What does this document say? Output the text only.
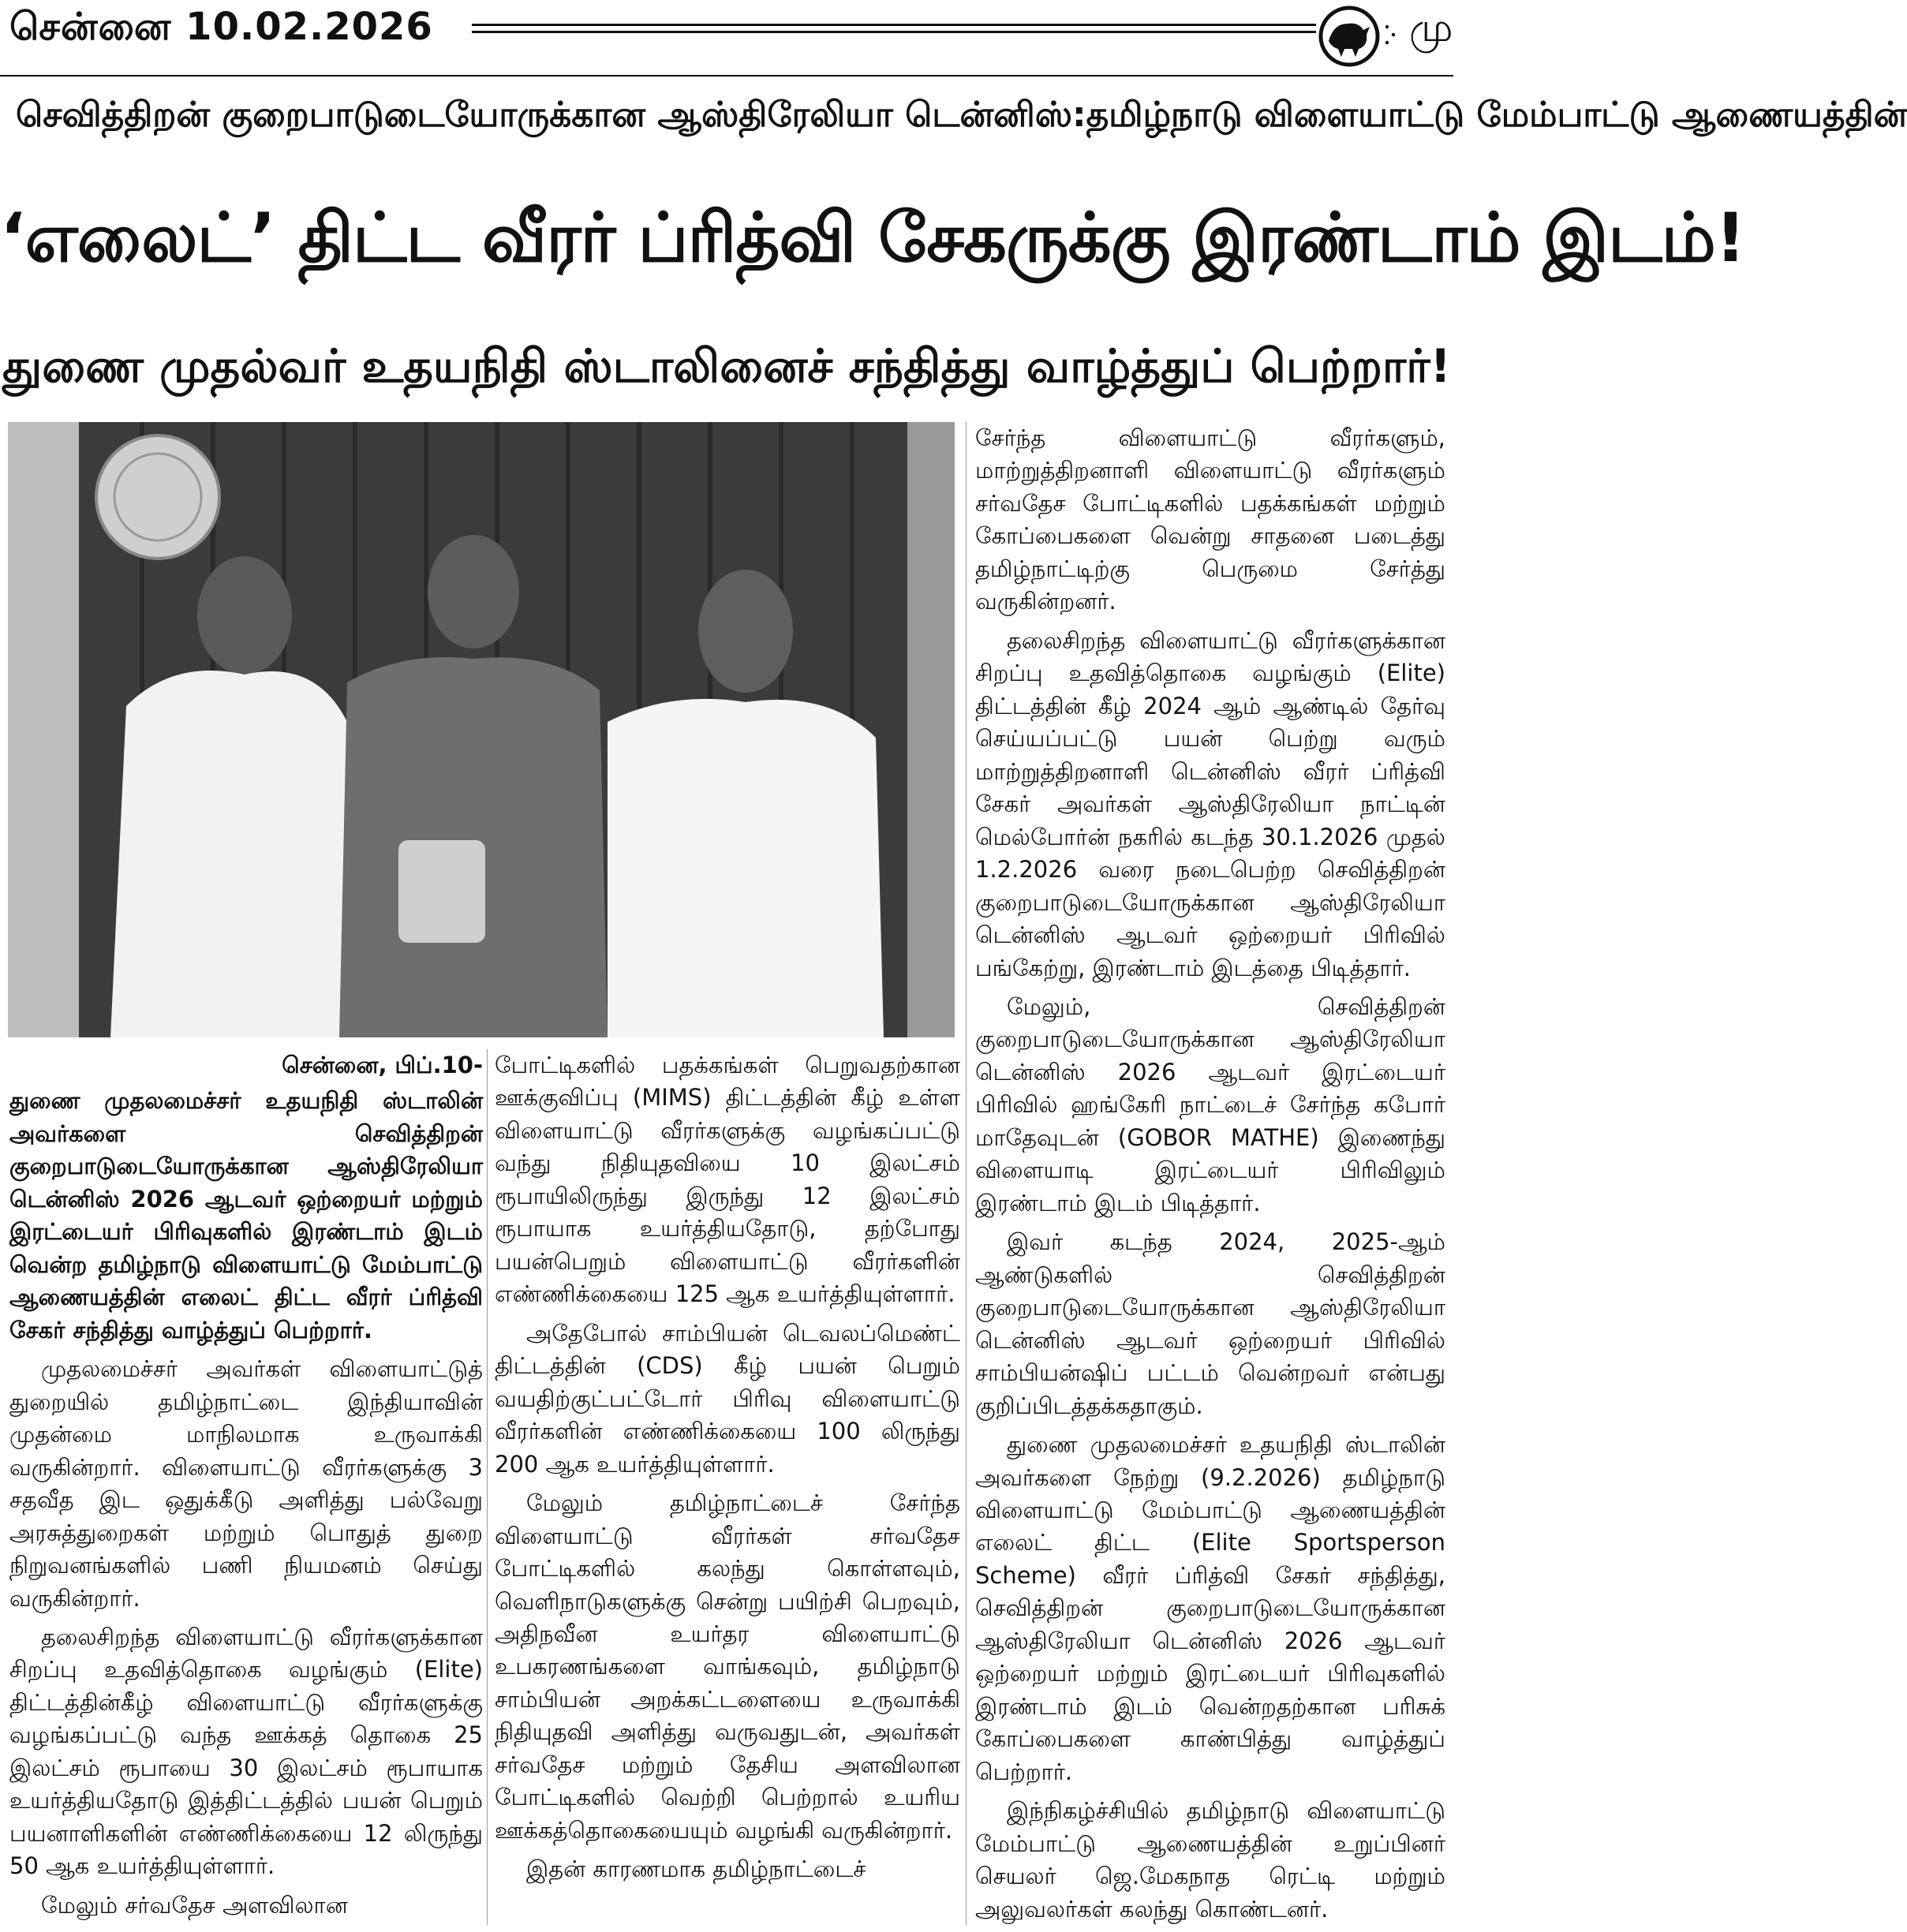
சென்னை 10.02.2026	மு
செவித்திறன் குறைபாடுடையோருக்கான ஆஸ்திரேலியா டென்னிஸ்: தமிழ்நாடு விளையாட்டு மேம்பாட்டு ஆணையத்தின்
‘எலைட்’ திட்ட வீரர் ப்ரித்வி சேகருக்கு இரண்டாம் இடம்!
துணை முதல்வர் உதயநிதி ஸ்டாலினைச் சந்தித்து வாழ்த்துப் பெற்றார்!
சென்னை, பிப்.10-

துணை முதலமைச்சர் உதயநிதி ஸ்டாலின் அவர்களை செவித்திறன் குறைபாடுடையோருக்கான ஆஸ்திரேலியா டென்னிஸ் 2026 ஆடவர் ஒற்றையர் மற்றும் இரட்டையர் பிரிவுகளில் இரண்டாம் இடம் வென்ற தமிழ்நாடு விளையாட்டு மேம்பாட்டு ஆணையத்தின் எலைட் திட்ட வீரர் ப்ரித்வி சேகர் சந்தித்து வாழ்த்துப் பெற்றார்.

முதலமைச்சர் அவர்கள் விளையாட்டுத் துறையில் தமிழ்நாட்டை இந்தியாவின் முதன்மை மாநிலமாக உருவாக்கி வருகின்றார். விளையாட்டு வீரர்களுக்கு 3 சதவீத இட ஒதுக்கீடு அளித்து பல்வேறு அரசுத்துறைகள் மற்றும் பொதுத் துறை நிறுவனங்களில் பணி நியமனம் செய்து வருகின்றார்.

தலைசிறந்த விளையாட்டு வீரர்களுக்கான சிறப்பு உதவித்தொகை வழங்கும் (Elite) திட்டத்தின்கீழ் விளையாட்டு வீரர்களுக்கு வழங்கப்பட்டு வந்த ஊக்கத் தொகை 25 இலட்சம் ரூபாயை 30 இலட்சம் ரூபாயாக உயர்த்தியதோடு இத்திட்டத்தில் பயன் பெறும் பயனாளிகளின் எண்ணிக்கையை 12 லிருந்து 50 ஆக உயர்த்தியுள்ளார்.

மேலும் சர்வதேச அளவிலான

போட்டிகளில் பதக்கங்கள் பெறுவதற்கான ஊக்குவிப்பு (MIMS) திட்டத்தின் கீழ் உள்ள விளையாட்டு வீரர்களுக்கு வழங்கப்பட்டு வந்து நிதியுதவியை 10 இலட்சம் ரூபாயிலிருந்து இருந்து 12 இலட்சம் ரூபாயாக உயர்த்தியதோடு, தற்போது பயன்பெறும் விளையாட்டு வீரர்களின் எண்ணிக்கையை 125 ஆக உயர்த்தியுள்ளார்.

அதேபோல் சாம்பியன் டெவலப்மெண்ட் திட்டத்தின் (CDS) கீழ் பயன் பெறும் வயதிற்குட்பட்டோர் பிரிவு விளையாட்டு வீரர்களின் எண்ணிக்கையை 100 லிருந்து 200 ஆக உயர்த்தியுள்ளார்.

மேலும் தமிழ்நாட்டைச் சேர்ந்த விளையாட்டு வீரர்கள் சர்வதேச போட்டிகளில் கலந்து கொள்ளவும், வெளிநாடுகளுக்கு சென்று பயிற்சி பெறவும், அதிநவீன உயர்தர விளையாட்டு உபகரணங்களை வாங்கவும், தமிழ்நாடு சாம்பியன் அறக்கட்டளையை உருவாக்கி நிதியுதவி அளித்து வருவதுடன், அவர்கள் சர்வதேச மற்றும் தேசிய அளவிலான போட்டிகளில் வெற்றி பெற்றால் உயரிய ஊக்கத்தொகையையும் வழங்கி வருகின்றார்.

இதன் காரணமாக தமிழ்நாட்டைச்

சேர்ந்த விளையாட்டு வீரர்களும், மாற்றுத்திறனாளி விளையாட்டு வீரர்களும் சர்வதேச போட்டிகளில் பதக்கங்கள் மற்றும் கோப்பைகளை வென்று சாதனை படைத்து தமிழ்நாட்டிற்கு பெருமை சேர்த்து வருகின்றனர்.

தலைசிறந்த விளையாட்டு வீரர்களுக்கான சிறப்பு உதவித்தொகை வழங்கும் (Elite) திட்டத்தின் கீழ் 2024 ஆம் ஆண்டில் தேர்வு செய்யப்பட்டு பயன் பெற்று வரும் மாற்றுத்திறனாளி டென்னிஸ் வீரர் ப்ரித்வி சேகர் அவர்கள் ஆஸ்திரேலியா நாட்டின் மெல்போர்ன் நகரில் கடந்த 30.1.2026 முதல் 1.2.2026 வரை நடைபெற்ற செவித்திறன் குறைபாடுடையோருக்கான ஆஸ்திரேலியா டென்னிஸ் ஆடவர் ஒற்றையர் பிரிவில் பங்கேற்று, இரண்டாம் இடத்தை பிடித்தார்.

மேலும், செவித்திறன் குறைபாடுடையோருக்கான ஆஸ்திரேலியா டென்னிஸ் 2026 ஆடவர் இரட்டையர் பிரிவில் ஹங்கேரி நாட்டைச் சேர்ந்த கபோர் மாதேவுடன் (GOBOR MATHE) இணைந்து விளையாடி இரட்டையர் பிரிவிலும் இரண்டாம் இடம் பிடித்தார்.

இவர் கடந்த 2024, 2025-ஆம் ஆண்டுகளில் செவித்திறன் குறைபாடுடையோருக்கான ஆஸ்திரேலியா டென்னிஸ் ஆடவர் ஒற்றையர் பிரிவில் சாம்பியன்ஷிப் பட்டம் வென்றவர் என்பது குறிப்பிடத்தக்கதாகும்.

துணை முதலமைச்சர் உதயநிதி ஸ்டாலின் அவர்களை நேற்று (9.2.2026) தமிழ்நாடு விளையாட்டு மேம்பாட்டு ஆணையத்தின் எலைட் திட்ட (Elite Sportsperson Scheme) வீரர் ப்ரித்வி சேகர் சந்தித்து, செவித்திறன் குறைபாடுடையோருக்கான ஆஸ்திரேலியா டென்னிஸ் 2026 ஆடவர் ஒற்றையர் மற்றும் இரட்டையர் பிரிவுகளில் இரண்டாம் இடம் வென்றதற்கான பரிசுக் கோப்பைகளை காண்பித்து வாழ்த்துப் பெற்றார்.

இந்நிகழ்ச்சியில் தமிழ்நாடு விளையாட்டு மேம்பாட்டு ஆணையத்தின் உறுப்பினர் செயலர் ஜெ.மேகநாத ரெட்டி மற்றும் அலுவலர்கள் கலந்து கொண்டனர்.
